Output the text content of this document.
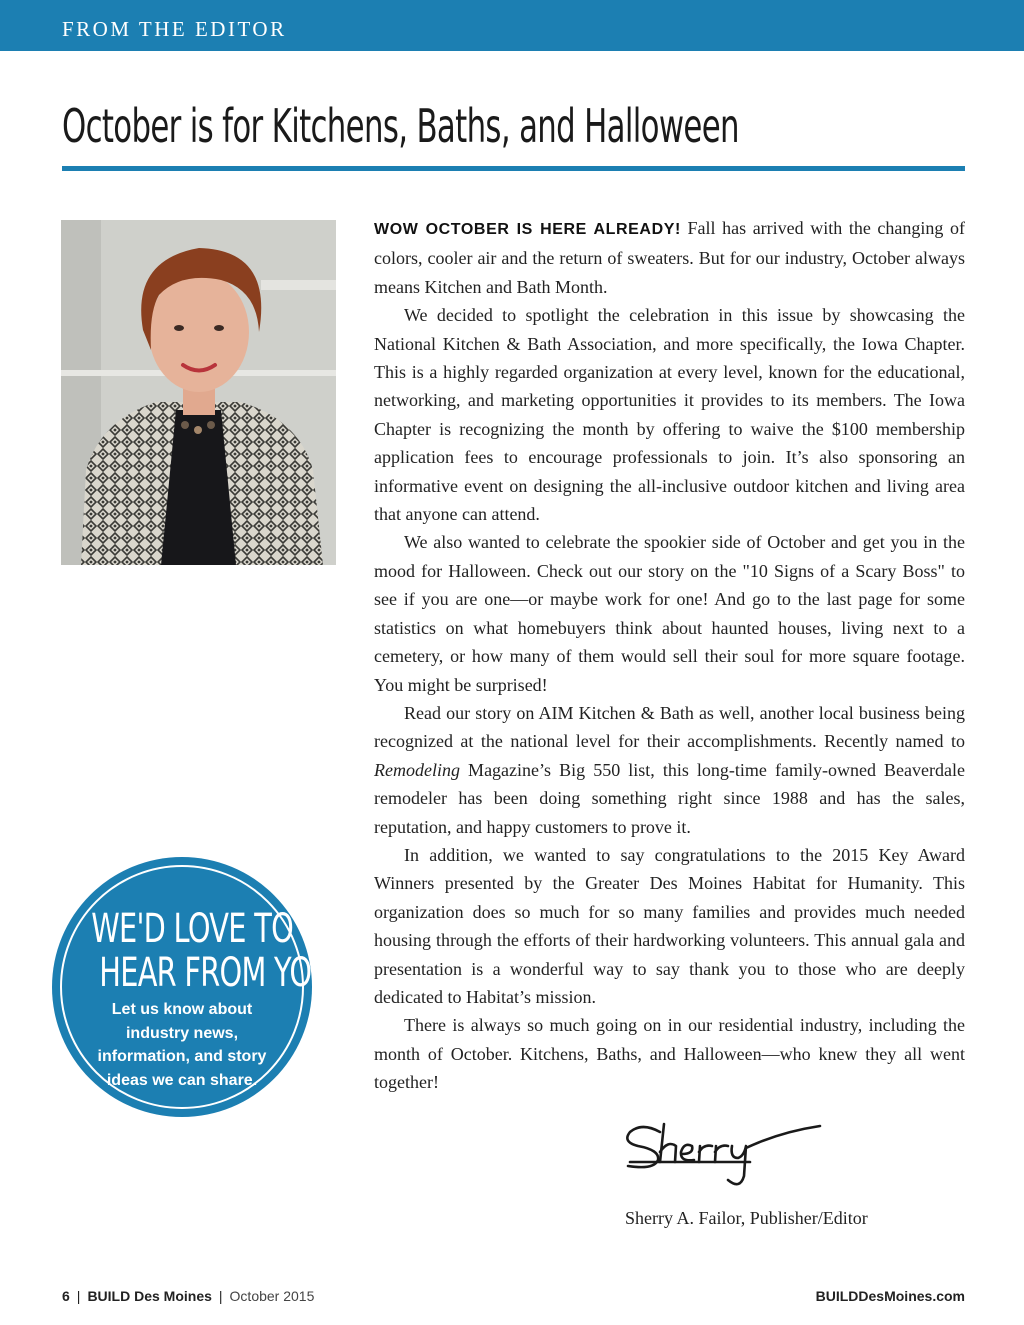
FROM THE EDITOR
October is for Kitchens, Baths, and Halloween

WOW OCTOBER IS HERE ALREADY! Fall has arrived with the changing of colors, cooler air and the return of sweaters. But for our industry, October always means Kitchen and Bath Month.

We decided to spotlight the celebration in this issue by showcasing the National Kitchen & Bath Association, and more specifically, the Iowa Chapter. This is a highly regarded organization at every level, known for the educational, networking, and marketing opportunities it provides to its members. The Iowa Chapter is recognizing the month by offering to waive the $100 membership application fees to encourage professionals to join. It’s also sponsoring an informative event on designing the all-inclusive outdoor kitchen and living area that anyone can attend.

We also wanted to celebrate the spookier side of October and get you in the mood for Halloween. Check out our story on the "10 Signs of a Scary Boss" to see if you are one—or maybe work for one! And go to the last page for some statistics on what homebuyers think about haunted houses, living next to a cemetery, or how many of them would sell their soul for more square footage. You might be surprised!

Read our story on AIM Kitchen & Bath as well, another local business being recognized at the national level for their accomplishments. Recently named to Remodeling Magazine’s Big 550 list, this long-time family-owned Beaverdale remodeler has been doing something right since 1988 and has the sales, reputation, and happy customers to prove it.

In addition, we wanted to say congratulations to the 2015 Key Award Winners presented by the Greater Des Moines Habitat for Humanity. This organization does so much for so many families and provides much needed housing through the efforts of their hardworking volunteers. This annual gala and presentation is a wonderful way to say thank you to those who are deeply dedicated to Habitat’s mission.

There is always so much going on in our residential industry, including the month of October. Kitchens, Baths, and Halloween—who knew they all went together!

WE'D LOVE TO
HEAR FROM YOU!
Let us know about industry news, information, and story ideas we can share.
Sherry A. Failor, Publisher/Editor
6 | BUILD Des Moines | October 2015	BUILDDesMoines.com
